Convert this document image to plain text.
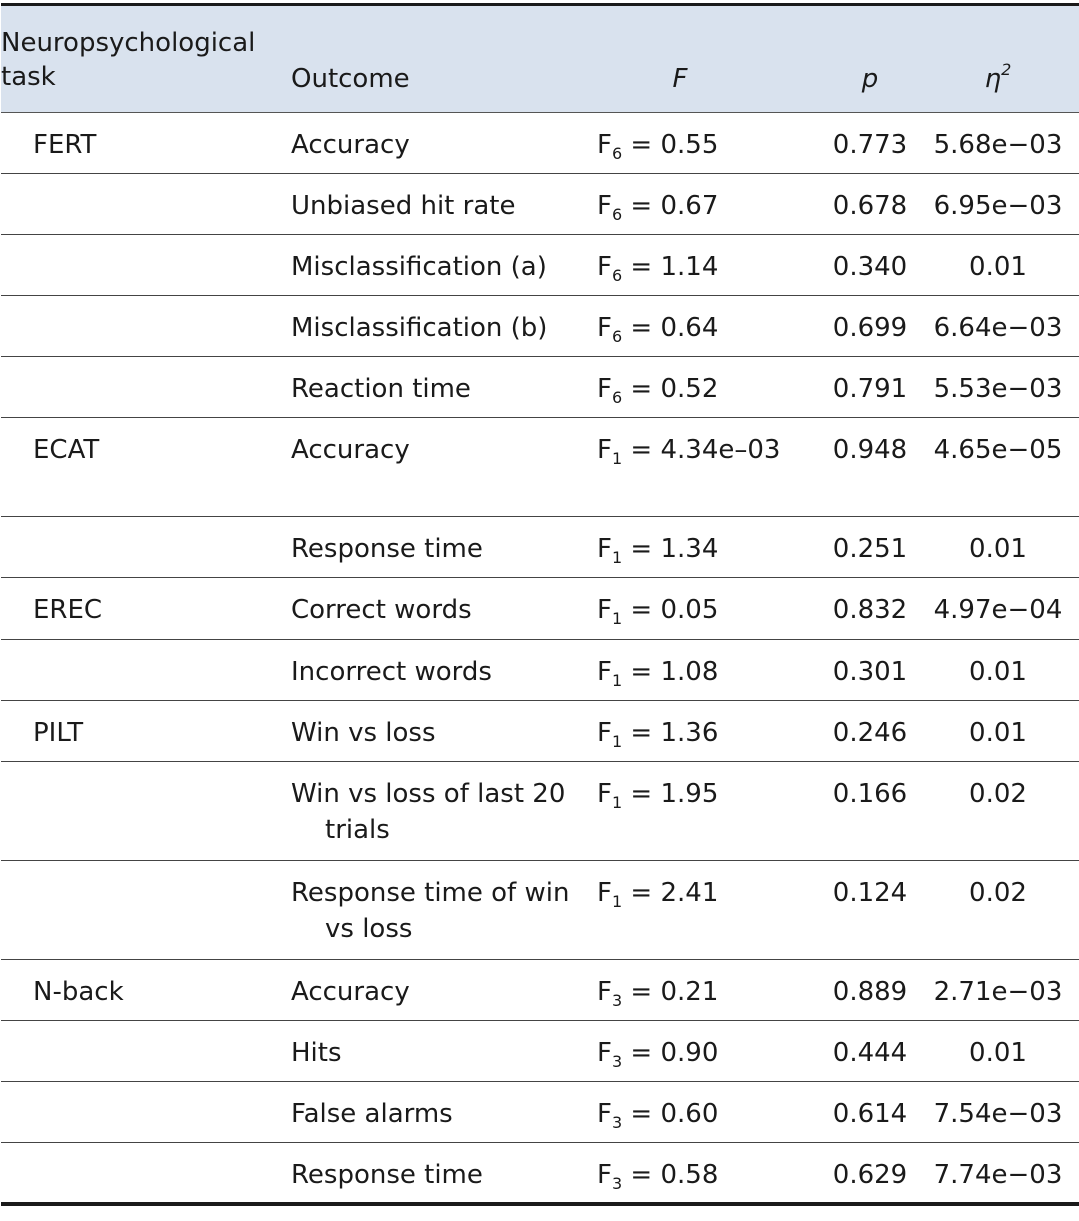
Neuropsychological task	Outcome	F	p	$\eta^2$
FERT	Accuracy	$F_6 = 0.55$	0.773	5.68e−03
	Unbiased hit rate	$F_6 = 0.67$	0.678	6.95e−03
	Misclassification (a)	$F_6 = 1.14$	0.340	0.01
	Misclassification (b)	$F_6 = 0.64$	0.699	6.64e−03
	Reaction time	$F_6 = 0.52$	0.791	5.53e−03
ECAT	Accuracy	$F_1 = 4.34e-03$	0.948	4.65e−05
	Response time	$F_1 = 1.34$	0.251	0.01
EREC	Correct words	$F_1 = 0.05$	0.832	4.97e−04
	Incorrect words	$F_1 = 1.08$	0.301	0.01
PILT	Win vs loss	$F_1 = 1.36$	0.246	0.01
	Win vs loss of last 20 trials	$F_1 = 1.95$	0.166	0.02
	Response time of win vs loss	$F_1 = 2.41$	0.124	0.02
N-back	Accuracy	$F_3 = 0.21$	0.889	2.71e−03
	Hits	$F_3 = 0.90$	0.444	0.01
	False alarms	$F_3 = 0.60$	0.614	7.54e−03
	Response time	$F_3 = 0.58$	0.629	7.74e−03
